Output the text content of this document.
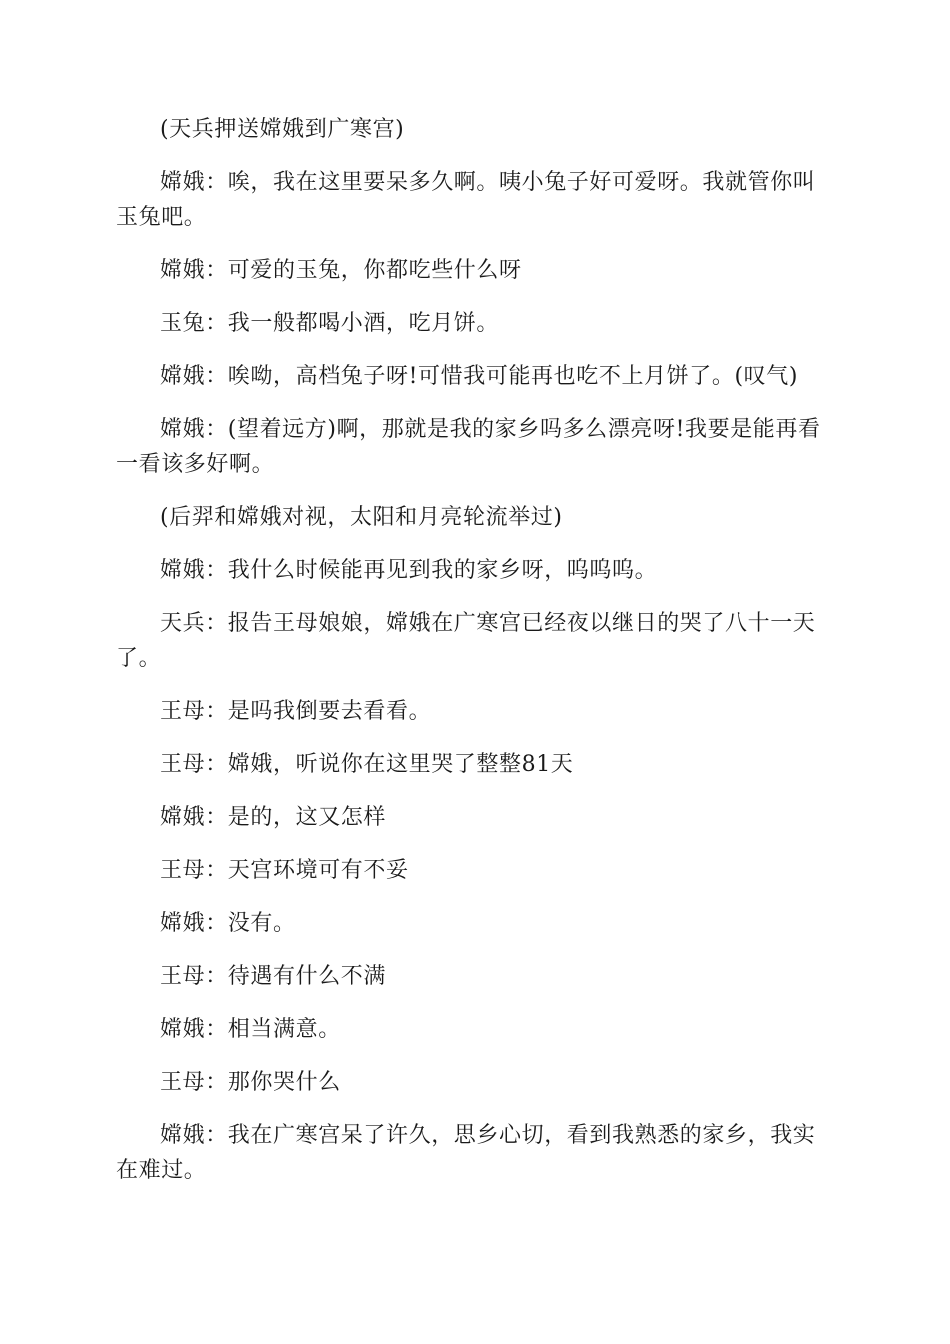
(天兵押送嫦娥到广寒宫)

嫦娥：唉，我在这里要呆多久啊。咦小兔子好可爱呀。我就管你叫玉兔吧。

嫦娥：可爱的玉兔，你都吃些什么呀

玉兔：我一般都喝小酒，吃月饼。

嫦娥：唉呦，高档兔子呀!可惜我可能再也吃不上月饼了。(叹气)

嫦娥：(望着远方)啊，那就是我的家乡吗多么漂亮呀!我要是能再看一看该多好啊。

(后羿和嫦娥对视，太阳和月亮轮流举过)

嫦娥：我什么时候能再见到我的家乡呀，呜呜呜。

天兵：报告王母娘娘，嫦娥在广寒宫已经夜以继日的哭了八十一天了。

王母：是吗我倒要去看看。

王母：嫦娥，听说你在这里哭了整整81天

嫦娥：是的，这又怎样

王母：天宫环境可有不妥

嫦娥：没有。

王母：待遇有什么不满

嫦娥：相当满意。

王母：那你哭什么

嫦娥：我在广寒宫呆了许久，思乡心切，看到我熟悉的家乡，我实在难过。
